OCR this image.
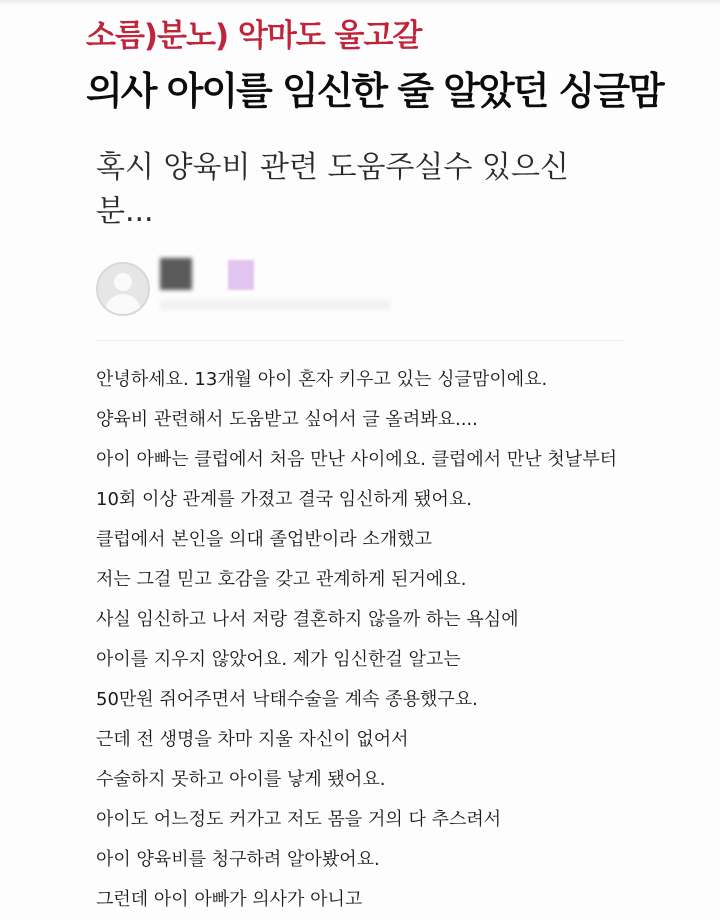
소름)분노) 악마도 울고갈
의사 아이를 임신한 줄 알았던 싱글맘
혹시 양육비 관련 도움주실수 있으신 분...
안녕하세요. 13개월 아이 혼자 키우고 있는 싱글맘이에요.
양육비 관련해서 도움받고 싶어서 글 올려봐요....
아이 아빠는 클럽에서 처음 만난 사이에요. 클럽에서 만난 첫날부터
10회 이상 관계를 가졌고 결국 임신하게 됐어요.
클럽에서 본인을 의대 졸업반이라 소개했고
저는 그걸 믿고 호감을 갖고 관계하게 된거에요.
사실 임신하고 나서 저랑 결혼하지 않을까 하는 욕심에
아이를 지우지 않았어요. 제가 임신한걸 알고는
50만원 쥐어주면서 낙태수술을 계속 종용했구요.
근데 전 생명을 차마 지울 자신이 없어서
수술하지 못하고 아이를 낳게 됐어요.
아이도 어느정도 커가고 저도 몸을 거의 다 추스려서
아이 양육비를 청구하려 알아봤어요.
그런데 아이 아빠가 의사가 아니고
